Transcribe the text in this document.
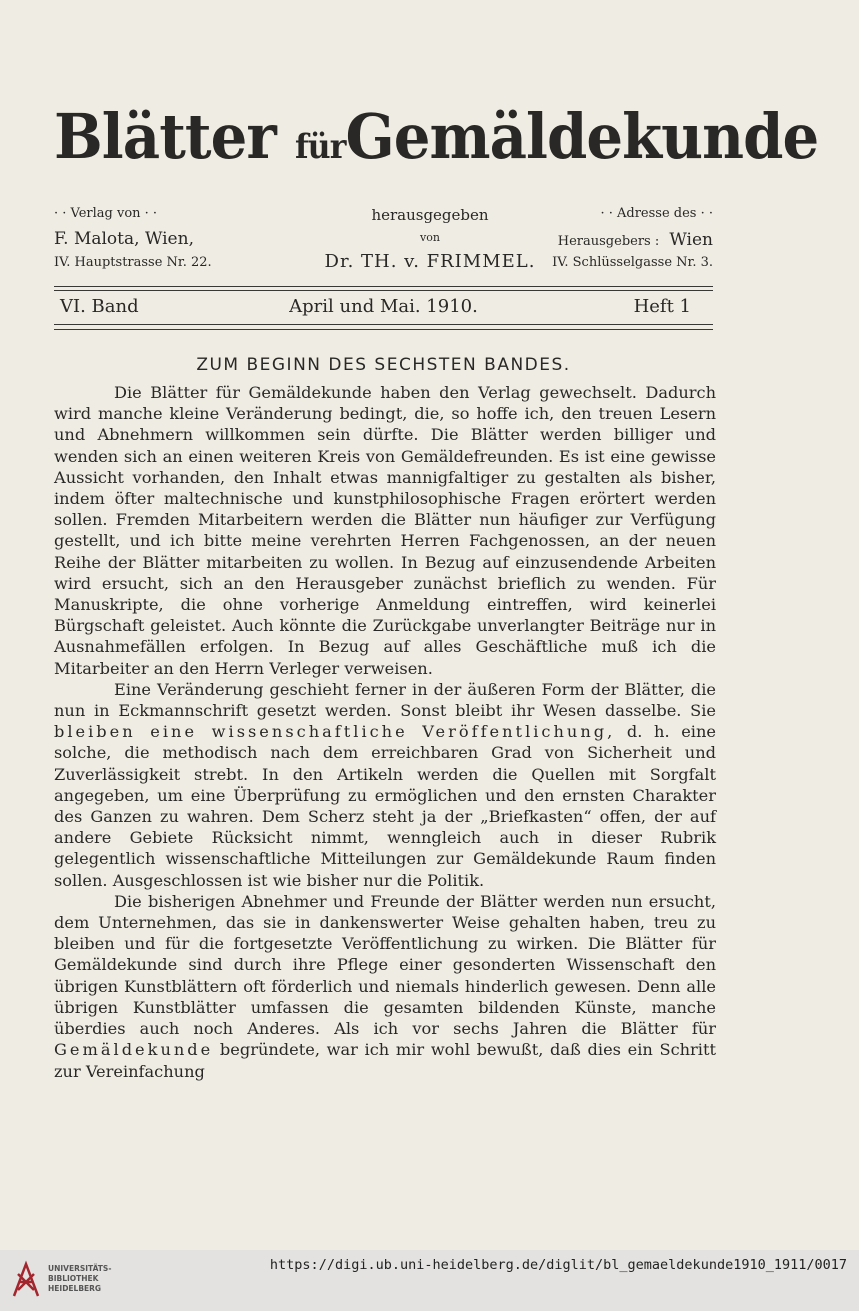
Blätter fürGemäldekunde
· · Verlag von · ·
F. Malota, Wien,
IV. Hauptstrasse Nr. 22.
herausgegeben
von
Dr. TH. v. FRIMMEL.
· · Adresse des · ·
Herausgebers : Wien
IV. Schlüsselgasse Nr. 3.
VI. Band	April und Mai. 1910.	Heft 1
ZUM BEGINN DES SECHSTEN BANDES.

Die Blätter für Gemäldekunde haben den Verlag gewechselt. Dadurch wird manche kleine Veränderung bedingt, die, so hoffe ich, den treuen Lesern und Abnehmern willkommen sein dürfte. Die Blätter werden billiger und wenden sich an einen weiteren Kreis von Gemäldefreunden. Es ist eine gewisse Aussicht vorhanden, den Inhalt etwas mannigfaltiger zu gestalten als bisher, indem öfter maltechnische und kunstphilosophische Fragen erörtert werden sollen. Fremden Mitarbeitern werden die Blätter nun häufiger zur Verfügung gestellt, und ich bitte meine verehrten Herren Fachgenossen, an der neuen Reihe der Blätter mitarbeiten zu wollen. In Bezug auf einzusendende Arbeiten wird ersucht, sich an den Herausgeber zunächst brieflich zu wenden. Für Manuskripte, die ohne vorherige Anmeldung eintreffen, wird keinerlei Bürgschaft geleistet. Auch könnte die Zurückgabe unverlangter Beiträge nur in Ausnahmefällen erfolgen. In Bezug auf alles Geschäftliche muß ich die Mitarbeiter an den Herrn Verleger verweisen.

Eine Veränderung geschieht ferner in der äußeren Form der Blätter, die nun in Eckmannschrift gesetzt werden. Sonst bleibt ihr Wesen dasselbe. Sie bleiben eine wissenschaftliche Veröffentlichung, d. h. eine solche, die methodisch nach dem erreichbaren Grad von Sicherheit und Zuverlässigkeit strebt. In den Artikeln werden die Quellen mit Sorgfalt angegeben, um eine Überprüfung zu ermöglichen und den ernsten Charakter des Ganzen zu wahren. Dem Scherz steht ja der „Briefkasten“ offen, der auf andere Gebiete Rücksicht nimmt, wenngleich auch in dieser Rubrik gelegentlich wissenschaftliche Mitteilungen zur Gemäldekunde Raum finden sollen. Ausgeschlossen ist wie bisher nur die Politik.

Die bisherigen Abnehmer und Freunde der Blätter werden nun ersucht, dem Unternehmen, das sie in dankenswerter Weise gehalten haben, treu zu bleiben und für die fortgesetzte Veröffentlichung zu wirken. Die Blätter für Gemäldekunde sind durch ihre Pflege einer gesonderten Wissenschaft den übrigen Kunstblättern oft förderlich und niemals hinderlich gewesen. Denn alle übrigen Kunstblätter umfassen die gesamten bildenden Künste, manche überdies auch noch Anderes. Als ich vor sechs Jahren die Blätter für Gemäldekunde begründete, war ich mir wohl bewußt, daß dies ein Schritt zur Vereinfachung

UNIVERSITÄTS-
BIBLIOTHEK
HEIDELBERG
https://digi.ub.uni-heidelberg.de/diglit/bl_gemaeldekunde1910_1911/0017
